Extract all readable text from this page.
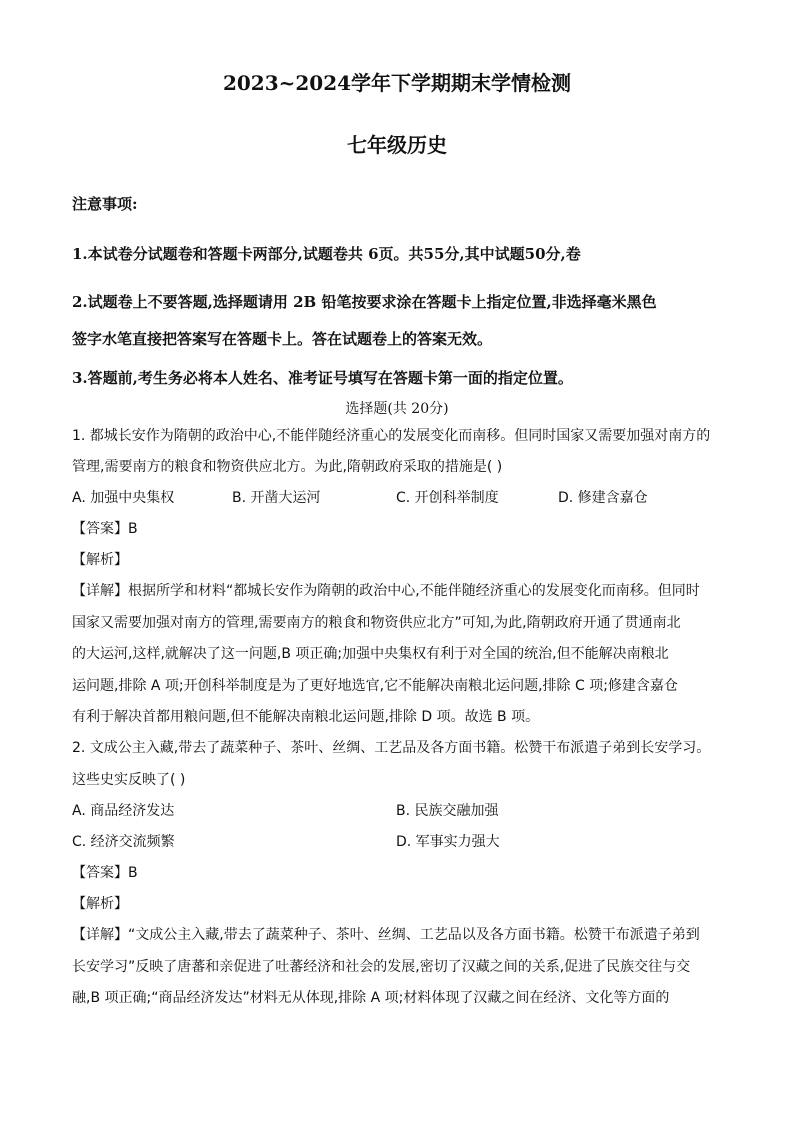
2023~2024学年下学期期末学情检测
七年级历史
注意事项:
1.本试卷分试题卷和答题卡两部分,试题卷共 6页。共55分,其中试题50分,卷
2.试题卷上不要答题,选择题请用 2B 铅笔按要求涂在答题卡上指定位置,非选择毫米黑色
签字水笔直接把答案写在答题卡上。答在试题卷上的答案无效。
3.答题前,考生务必将本人姓名、准考证号填写在答题卡第一面的指定位置。
选择题(共 20分)
1. 都城长安作为隋朝的政治中心,不能伴随经济重心的发展变化而南移。但同时国家又需要加强对南方的
管理,需要南方的粮食和物资供应北方。为此,隋朝政府采取的措施是( )
A. 加强中央集权	B. 开凿大运河	C. 开创科举制度	D. 修建含嘉仓
【答案】B
【解析】
【详解】根据所学和材料“都城长安作为隋朝的政治中心,不能伴随经济重心的发展变化而南移。但同时
国家又需要加强对南方的管理,需要南方的粮食和物资供应北方”可知,为此,隋朝政府开通了贯通南北
的大运河,这样,就解决了这一问题,B 项正确;加强中央集权有利于对全国的统治,但不能解决南粮北
运问题,排除 A 项;开创科举制度是为了更好地选官,它不能解决南粮北运问题,排除 C 项;修建含嘉仓
有利于解决首都用粮问题,但不能解决南粮北运问题,排除 D 项。故选 B 项。
2. 文成公主入藏,带去了蔬菜种子、茶叶、丝绸、工艺品及各方面书籍。松赞干布派遣子弟到长安学习。
这些史实反映了( )
A. 商品经济发达	B. 民族交融加强
C. 经济交流频繁	D. 军事实力强大
【答案】B
【解析】
【详解】“文成公主入藏,带去了蔬菜种子、茶叶、丝绸、工艺品以及各方面书籍。松赞干布派遣子弟到
长安学习”反映了唐蕃和亲促进了吐蕃经济和社会的发展,密切了汉藏之间的关系,促进了民族交往与交
融,B 项正确;“商品经济发达”材料无从体现,排除 A 项;材料体现了汉藏之间在经济、文化等方面的
